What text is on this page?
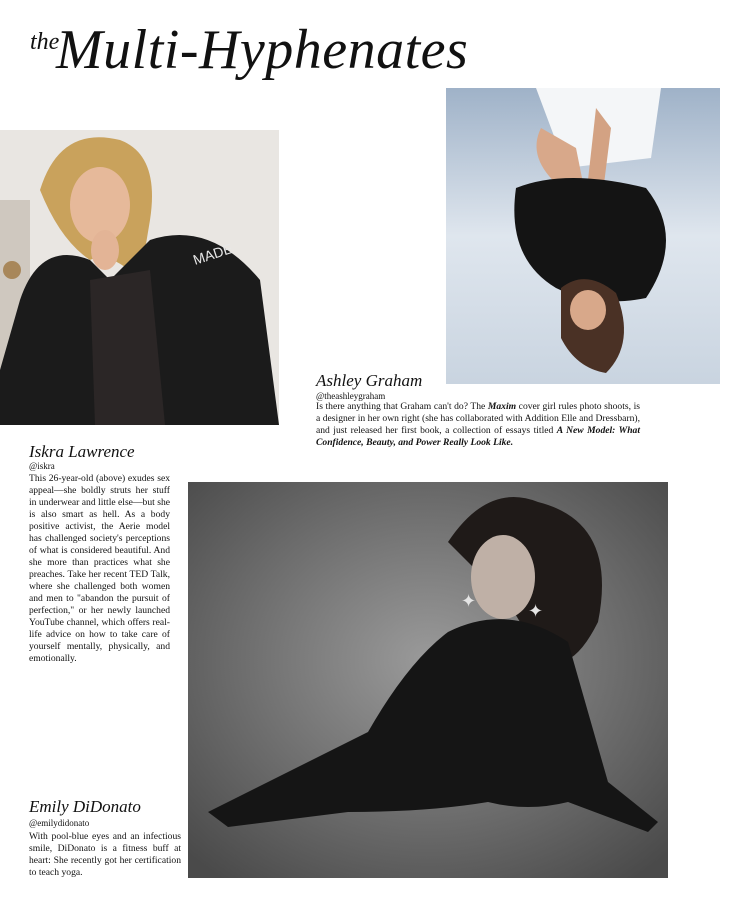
the
Multi-Hyphenates
MADE
Ashley Graham
@theashleygraham
Is there anything that Graham can't do? The Maxim cover girl rules photo shoots, is a designer in her own right (she has collaborated with Addition Elle and Dressbarn), and just released her first book, a collection of essays titled A New Model: What Confidence, Beauty, and Power Really Look Like.
Iskra Lawrence
@iskra
This 26-year-old (above) exudes sex appeal—she boldly struts her stuff in underwear and little else—but she is also smart as hell. As a body positive activist, the Aerie model has challenged society's perceptions of what is considered beautiful. And she more than practices what she preaches. Take her recent TED Talk, where she challenged both women and men to "abandon the pursuit of perfection," or her newly launched YouTube channel, which offers real-life advice on how to take care of yourself mentally, physically, and emotionally.
✦	✦
Emily DiDonato
@emilydidonato
With pool-blue eyes and an infectious smile, DiDonato is a fitness buff at heart: She recently got her certification to teach yoga.
